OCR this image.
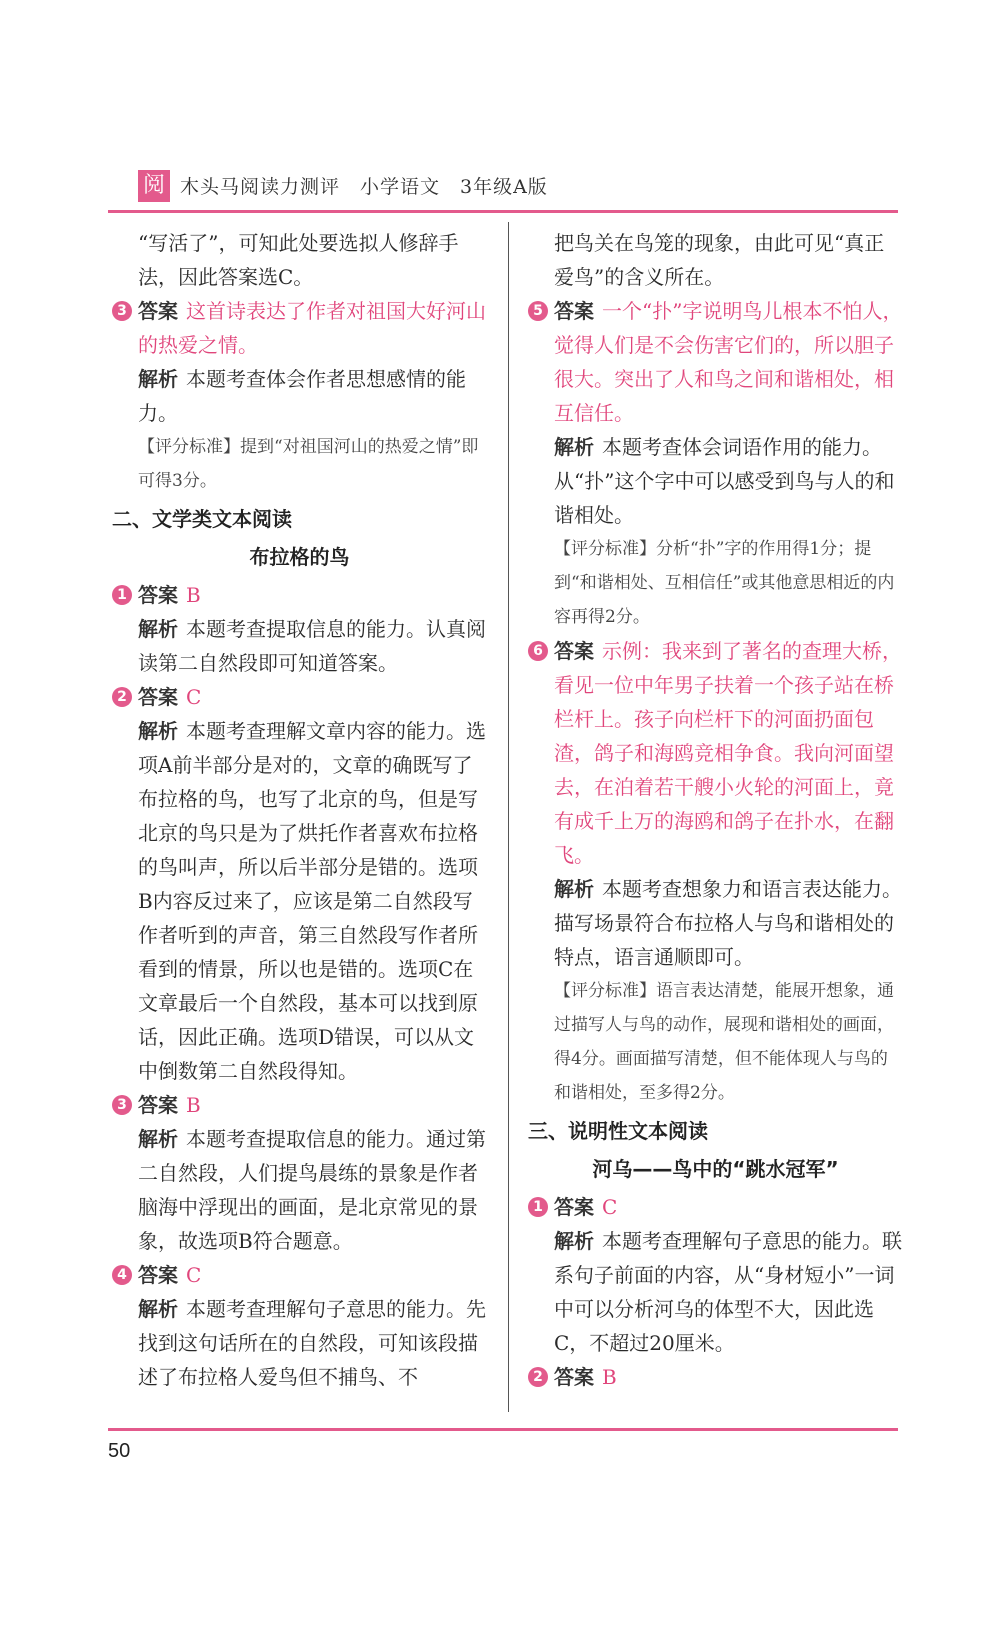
阅 木头马阅读力测评　小学语文　3年级A版

“写活了”，可知此处要选拟人修辞手法，因此答案选C。

3 答案 这首诗表达了作者对祖国大好河山的热爱之情。

解析 本题考查体会作者思想感情的能力。

【评分标准】提到“对祖国河山的热爱之情”即可得3分。

二、文学类文本阅读

布拉格的鸟

1 答案 B

解析 本题考查提取信息的能力。认真阅读第二自然段即可知道答案。

2 答案 C

解析 本题考查理解文章内容的能力。选项A前半部分是对的，文章的确既写了布拉格的鸟，也写了北京的鸟，但是写北京的鸟只是为了烘托作者喜欢布拉格的鸟叫声，所以后半部分是错的。选项B内容反过来了，应该是第二自然段写作者听到的声音，第三自然段写作者所看到的情景，所以也是错的。选项C在文章最后一个自然段，基本可以找到原话，因此正确。选项D错误，可以从文中倒数第二自然段得知。

3 答案 B

解析 本题考查提取信息的能力。通过第二自然段，人们提鸟晨练的景象是作者脑海中浮现出的画面，是北京常见的景象，故选项B符合题意。

4 答案 C

解析 本题考查理解句子意思的能力。先找到这句话所在的自然段，可知该段描述了布拉格人爱鸟但不捕鸟、不

把鸟关在鸟笼的现象，由此可见“真正爱鸟”的含义所在。

5 答案 一个“扑”字说明鸟儿根本不怕人，觉得人们是不会伤害它们的，所以胆子很大。突出了人和鸟之间和谐相处，相互信任。

解析 本题考查体会词语作用的能力。从“扑”这个字中可以感受到鸟与人的和谐相处。

【评分标准】分析“扑”字的作用得1分；提到“和谐相处、互相信任”或其他意思相近的内容再得2分。

6 答案 示例：我来到了著名的查理大桥，看见一位中年男子扶着一个孩子站在桥栏杆上。孩子向栏杆下的河面扔面包渣，鸽子和海鸥竞相争食。我向河面望去，在泊着若干艘小火轮的河面上，竟有成千上万的海鸥和鸽子在扑水，在翻飞。

解析 本题考查想象力和语言表达能力。描写场景符合布拉格人与鸟和谐相处的特点，语言通顺即可。

【评分标准】语言表达清楚，能展开想象，通过描写人与鸟的动作，展现和谐相处的画面，得4分。画面描写清楚，但不能体现人与鸟的和谐相处，至多得2分。

三、说明性文本阅读

河乌——鸟中的“跳水冠军”

1 答案 C

解析 本题考查理解句子意思的能力。联系句子前面的内容，从“身材短小”一词中可以分析河乌的体型不大，因此选C，不超过20厘米。

2 答案 B
50
